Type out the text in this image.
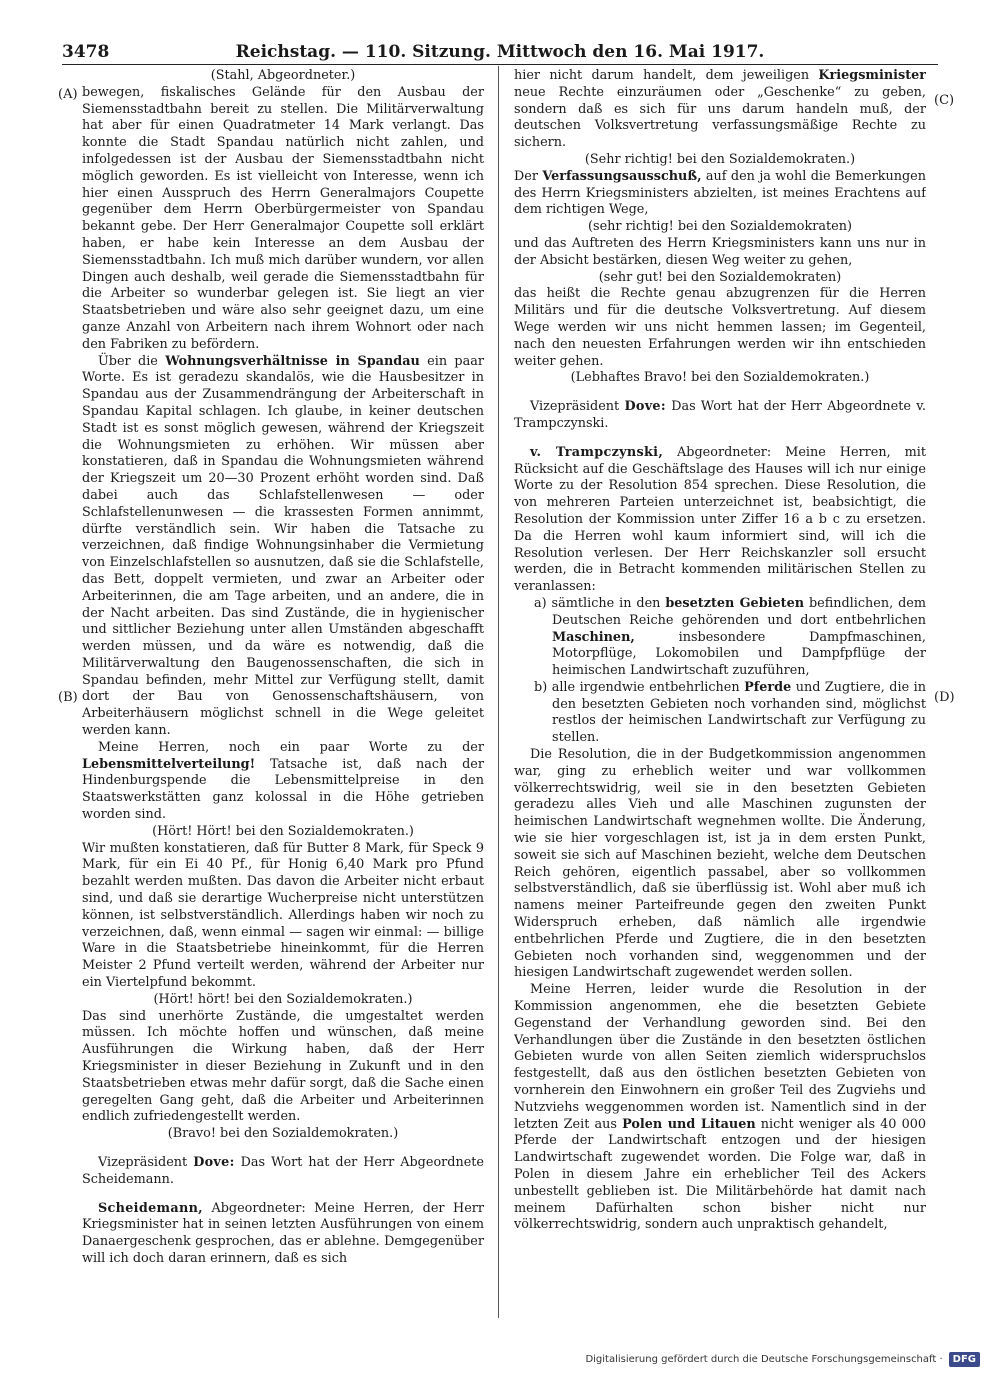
3478	Reichstag. — 110. Sitzung. Mittwoch den 16. Mai 1917.
(A)
(B)
(C)
(D)

(Stahl, Abgeordneter.)

bewegen, fiskalisches Gelände für den Ausbau der Siemensstadtbahn bereit zu stellen. Die Militärverwaltung hat aber für einen Quadratmeter 14 Mark verlangt. Das konnte die Stadt Spandau natürlich nicht zahlen, und infolgedessen ist der Ausbau der Siemensstadtbahn nicht möglich geworden. Es ist vielleicht von Interesse, wenn ich hier einen Ausspruch des Herrn Generalmajors Coupette gegenüber dem Herrn Oberbürgermeister von Spandau bekannt gebe. Der Herr Generalmajor Coupette soll erklärt haben, er habe kein Interesse an dem Ausbau der Siemensstadtbahn. Ich muß mich darüber wundern, vor allen Dingen auch deshalb, weil gerade die Siemensstadtbahn für die Arbeiter so wunderbar gelegen ist. Sie liegt an vier Staatsbetrieben und wäre also sehr geeignet dazu, um eine ganze Anzahl von Arbeitern nach ihrem Wohnort oder nach den Fabriken zu befördern.

Über die Wohnungsverhältnisse in Spandau ein paar Worte. Es ist geradezu skandalös, wie die Hausbesitzer in Spandau aus der Zusammendrängung der Arbeiterschaft in Spandau Kapital schlagen. Ich glaube, in keiner deutschen Stadt ist es sonst möglich gewesen, während der Kriegszeit die Wohnungsmieten zu erhöhen. Wir müssen aber konstatieren, daß in Spandau die Wohnungsmieten während der Kriegszeit um 20—30 Prozent erhöht worden sind. Daß dabei auch das Schlafstellenwesen — oder Schlafstellenunwesen — die krassesten Formen annimmt, dürfte verständlich sein. Wir haben die Tatsache zu verzeichnen, daß findige Wohnungsinhaber die Vermietung von Einzelschlafstellen so ausnutzen, daß sie die Schlafstelle, das Bett, doppelt vermieten, und zwar an Arbeiter oder Arbeiterinnen, die am Tage arbeiten, und an andere, die in der Nacht arbeiten. Das sind Zustände, die in hygienischer und sittlicher Beziehung unter allen Umständen abgeschafft werden müssen, und da wäre es notwendig, daß die Militärverwaltung den Baugenossenschaften, die sich in Spandau befinden, mehr Mittel zur Verfügung stellt, damit dort der Bau von Genossenschaftshäusern, von Arbeiterhäusern möglichst schnell in die Wege geleitet werden kann.

Meine Herren, noch ein paar Worte zu der Lebensmittelverteilung! Tatsache ist, daß nach der Hindenburgspende die Lebensmittelpreise in den Staatswerkstätten ganz kolossal in die Höhe getrieben worden sind.

(Hört! Hört! bei den Sozialdemokraten.)

Wir mußten konstatieren, daß für Butter 8 Mark, für Speck 9 Mark, für ein Ei 40 Pf., für Honig 6,40 Mark pro Pfund bezahlt werden mußten. Das davon die Arbeiter nicht erbaut sind, und daß sie derartige Wucherpreise nicht unterstützen können, ist selbstverständlich. Allerdings haben wir noch zu verzeichnen, daß, wenn einmal — sagen wir einmal: — billige Ware in die Staatsbetriebe hineinkommt, für die Herren Meister 2 Pfund verteilt werden, während der Arbeiter nur ein Viertelpfund bekommt.

(Hört! hört! bei den Sozialdemokraten.)

Das sind unerhörte Zustände, die umgestaltet werden müssen. Ich möchte hoffen und wünschen, daß meine Ausführungen die Wirkung haben, daß der Herr Kriegsminister in dieser Beziehung in Zukunft und in den Staatsbetrieben etwas mehr dafür sorgt, daß die Sache einen geregelten Gang geht, daß die Arbeiter und Arbeiterinnen endlich zufriedengestellt werden.

(Bravo! bei den Sozialdemokraten.)

Vizepräsident Dove: Das Wort hat der Herr Abgeordnete Scheidemann.

Scheidemann, Abgeordneter: Meine Herren, der Herr Kriegsminister hat in seinen letzten Ausführungen von einem Danaergeschenk gesprochen, das er ablehne. Demgegenüber will ich doch daran erinnern, daß es sich

hier nicht darum handelt, dem jeweiligen Kriegsminister neue Rechte einzuräumen oder „Geschenke“ zu geben, sondern daß es sich für uns darum handeln muß, der deutschen Volksvertretung verfassungsmäßige Rechte zu sichern.

(Sehr richtig! bei den Sozialdemokraten.)

Der Verfassungsausschuß, auf den ja wohl die Bemerkungen des Herrn Kriegsministers abzielten, ist meines Erachtens auf dem richtigen Wege,

(sehr richtig! bei den Sozialdemokraten)

und das Auftreten des Herrn Kriegsministers kann uns nur in der Absicht bestärken, diesen Weg weiter zu gehen,

(sehr gut! bei den Sozialdemokraten)

das heißt die Rechte genau abzugrenzen für die Herren Militärs und für die deutsche Volksvertretung. Auf diesem Wege werden wir uns nicht hemmen lassen; im Gegenteil, nach den neuesten Erfahrungen werden wir ihn entschieden weiter gehen.

(Lebhaftes Bravo! bei den Sozialdemokraten.)

Vizepräsident Dove: Das Wort hat der Herr Abgeordnete v. Trampczynski.

v. Trampczynski, Abgeordneter: Meine Herren, mit Rücksicht auf die Geschäftslage des Hauses will ich nur einige Worte zu der Resolution 854 sprechen. Diese Resolution, die von mehreren Parteien unterzeichnet ist, beabsichtigt, die Resolution der Kommission unter Ziffer 16 a b c zu ersetzen. Da die Herren wohl kaum informiert sind, will ich die Resolution verlesen. Der Herr Reichskanzler soll ersucht werden, die in Betracht kommenden militärischen Stellen zu veranlassen:

a) sämtliche in den besetzten Gebieten befindlichen, dem Deutschen Reiche gehörenden und dort entbehrlichen Maschinen, insbesondere Dampfmaschinen, Motorpflüge, Lokomobilen und Dampfpflüge der heimischen Landwirtschaft zuzuführen,

b) alle irgendwie entbehrlichen Pferde und Zugtiere, die in den besetzten Gebieten noch vorhanden sind, möglichst restlos der heimischen Landwirtschaft zur Verfügung zu stellen.

Die Resolution, die in der Budgetkommission angenommen war, ging zu erheblich weiter und war vollkommen völkerrechtswidrig, weil sie in den besetzten Gebieten geradezu alles Vieh und alle Maschinen zugunsten der heimischen Landwirtschaft wegnehmen wollte. Die Änderung, wie sie hier vorgeschlagen ist, ist ja in dem ersten Punkt, soweit sie sich auf Maschinen bezieht, welche dem Deutschen Reich gehören, eigentlich passabel, aber so vollkommen selbstverständlich, daß sie überflüssig ist. Wohl aber muß ich namens meiner Parteifreunde gegen den zweiten Punkt Widerspruch erheben, daß nämlich alle irgendwie entbehrlichen Pferde und Zugtiere, die in den besetzten Gebieten noch vorhanden sind, weggenommen und der hiesigen Landwirtschaft zugewendet werden sollen.

Meine Herren, leider wurde die Resolution in der Kommission angenommen, ehe die besetzten Gebiete Gegenstand der Verhandlung geworden sind. Bei den Verhandlungen über die Zustände in den besetzten östlichen Gebieten wurde von allen Seiten ziemlich widerspruchslos festgestellt, daß aus den östlichen besetzten Gebieten von vornherein den Einwohnern ein großer Teil des Zugviehs und Nutzviehs weggenommen worden ist. Namentlich sind in der letzten Zeit aus Polen und Litauen nicht weniger als 40 000 Pferde der Landwirtschaft entzogen und der hiesigen Landwirtschaft zugewendet worden. Die Folge war, daß in Polen in diesem Jahre ein erheblicher Teil des Ackers unbestellt geblieben ist. Die Militärbehörde hat damit nach meinem Dafürhalten schon bisher nicht nur völkerrechtswidrig, sondern auch unpraktisch gehandelt,

Digitalisierung gefördert durch die Deutsche Forschungsgemeinschaft ·	DFG
